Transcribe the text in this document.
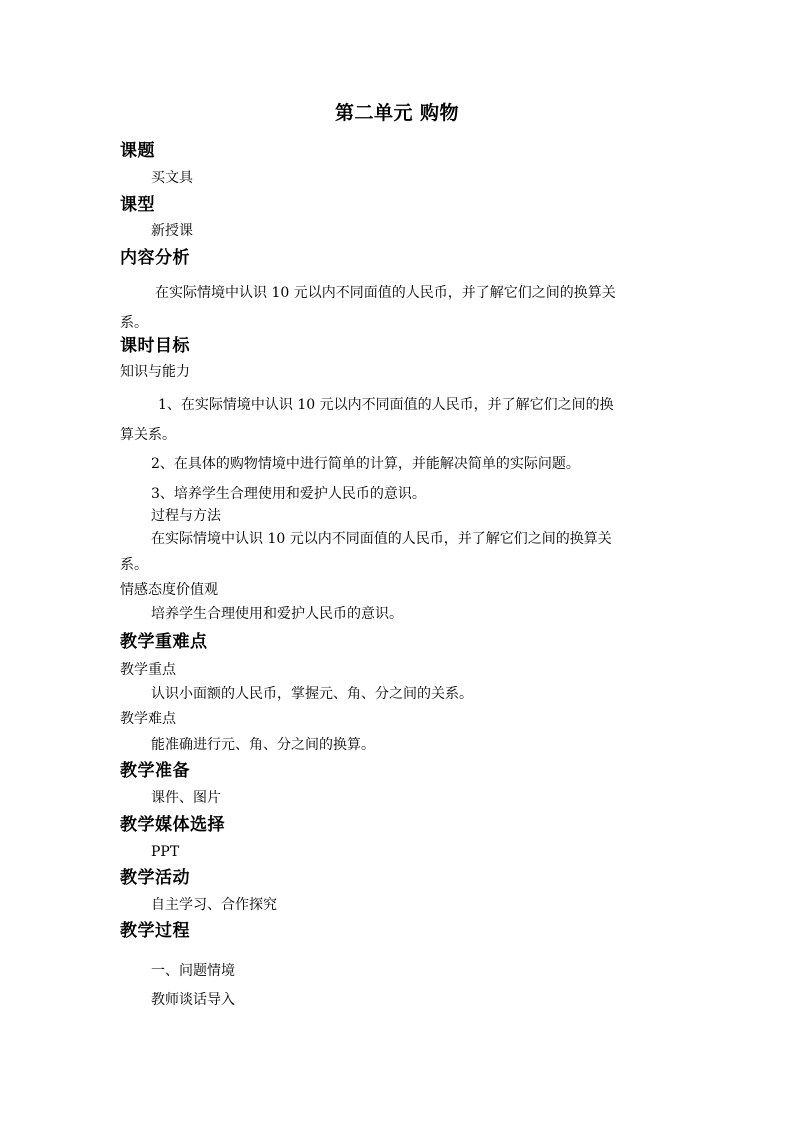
第二单元 购物
课题
买文具
课型
新授课
内容分析
在实际情境中认识 10 元以内不同面值的人民币，并了解它们之间的换算关
系。
课时目标
知识与能力
1、在实际情境中认识 10 元以内不同面值的人民币，并了解它们之间的换
算关系。
2、在具体的购物情境中进行简单的计算，并能解决简单的实际问题。
3、培养学生合理使用和爱护人民币的意识。
过程与方法
在实际情境中认识 10 元以内不同面值的人民币，并了解它们之间的换算关
系。
情感态度价值观
培养学生合理使用和爱护人民币的意识。
教学重难点
教学重点
认识小面额的人民币，掌握元、角、分之间的关系。
教学难点
能准确进行元、角、分之间的换算。
教学准备
课件、图片
教学媒体选择
PPT
教学活动
自主学习、合作探究
教学过程
一、问题情境
教师谈话导入
